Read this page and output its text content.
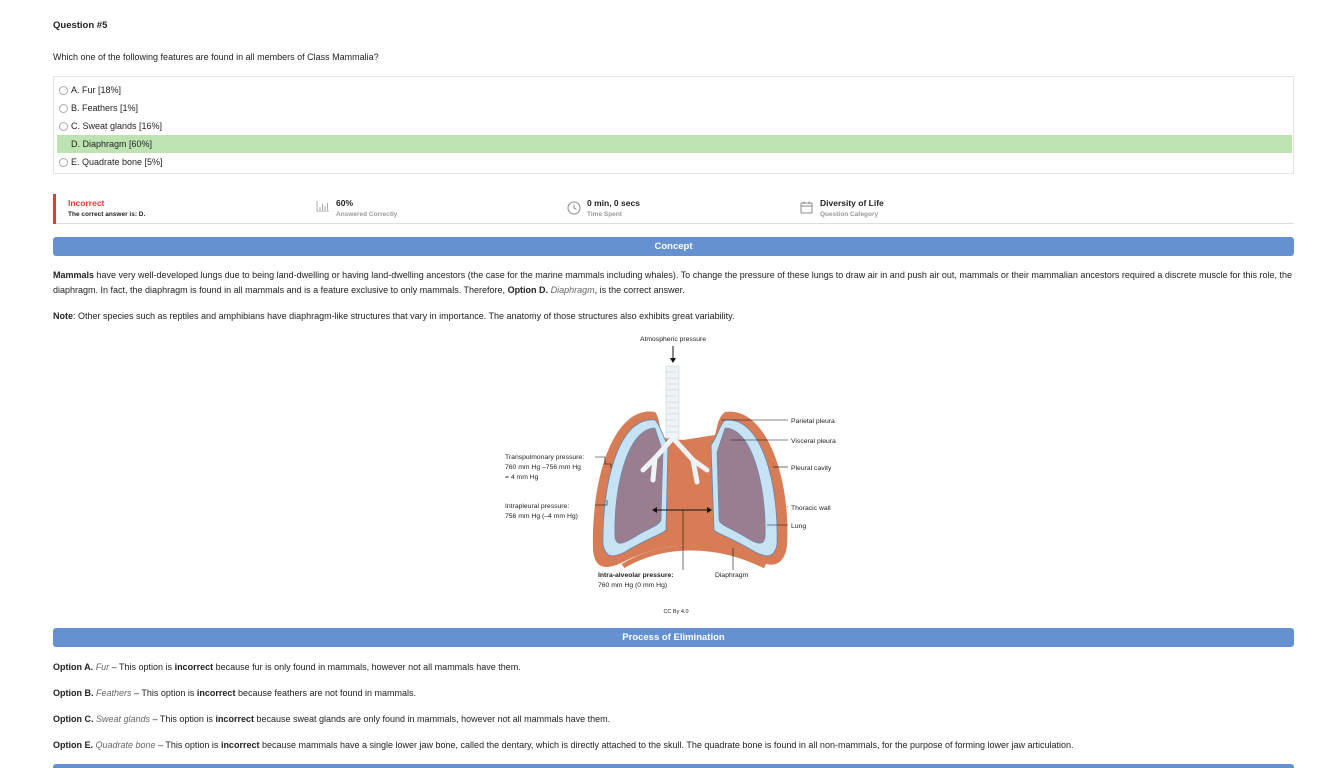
Question #5
Which one of the following features are found in all members of Class Mammalia?
A. Fur [18%]
B. Feathers [1%]
C. Sweat glands [16%]
D. Diaphragm [60%]
E. Quadrate bone [5%]
Incorrect
The correct answer is: D.
60%
Answered Correctly
0 min, 0 secs
Time Spent
Diversity of Life
Question Category
Concept
Mammals have very well-developed lungs due to being land-dwelling or having land-dwelling ancestors (the case for the marine mammals including whales). To change the pressure of these lungs to draw air in and push air out, mammals or their mammalian ancestors required a discrete muscle for this role, the diaphragm. In fact, the diaphragm is found in all mammals and is a feature exclusive to only mammals. Therefore, Option D. Diaphragm, is the correct answer.
Note: Other species such as reptiles and amphibians have diaphragm-like structures that vary in importance. The anatomy of those structures also exhibits great variability.
Atmospheric pressure
Parietal pleura
Visceral pleura
Pleural cavity
Thoracic wall
Lung
Diaphragm
Transpulmonary pressure:
760 mm Hg –756 mm Hg
= 4 mm Hg
Intrapleural pressure:
756 mm Hg (–4 mm Hg)
Intra-alveolar pressure:
760 mm Hg (0 mm Hg)
CC By 4.0
Process of Elimination
Option A. Fur – This option is incorrect because fur is only found in mammals, however not all mammals have them.
Option B. Feathers – This option is incorrect because feathers are not found in mammals.
Option C. Sweat glands – This option is incorrect because sweat glands are only found in mammals, however not all mammals have them.
Option E. Quadrate bone – This option is incorrect because mammals have a single lower jaw bone, called the dentary, which is directly attached to the skull. The quadrate bone is found in all non-mammals, for the purpose of forming lower jaw articulation.
